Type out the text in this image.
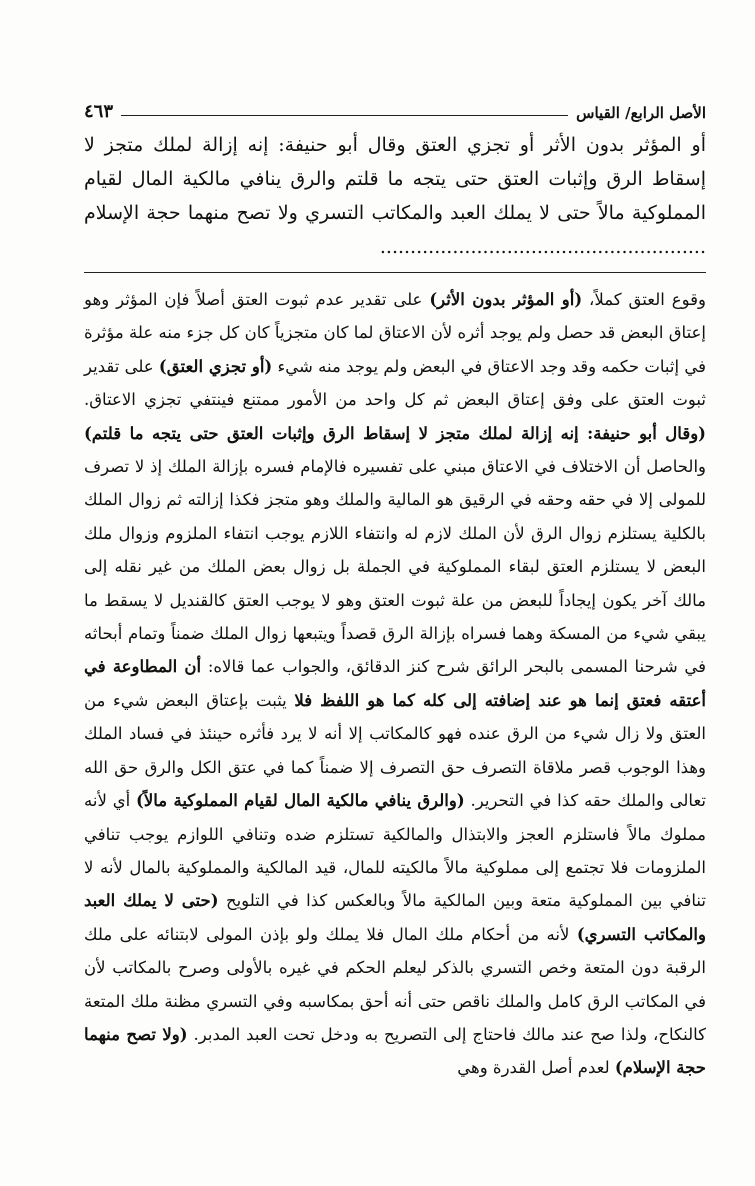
الأصل الرابع/ القياس
٤٦٣

أو المؤثر بدون الأثر أو تجزي العتق وقال أبو حنيفة: إنه إزالة لملك متجز لا إسقاط الرق وإثبات العتق حتى يتجه ما قلتم والرق ينافي مالكية المال لقيام المملوكية مالاً حتى لا يملك العبد والمكاتب التسري ولا تصح منهما حجة الإسلام ......................................................

وقوع العتق كملاً، (أو المؤثر بدون الأثر) على تقدير عدم ثبوت العتق أصلاً فإن المؤثر وهو إعتاق البعض قد حصل ولم يوجد أثره لأن الاعتاق لما كان متجزياً كان كل جزء منه علة مؤثرة في إثبات حكمه وقد وجد الاعتاق في البعض ولم يوجد منه شيء (أو تجزي العتق) على تقدير ثبوت العتق على وفق إعتاق البعض ثم كل واحد من الأمور ممتنع فينتفي تجزي الاعتاق. (وقال أبو حنيفة: إنه إزالة لملك متجز لا إسقاط الرق وإثبات العتق حتى يتجه ما قلتم) والحاصل أن الاختلاف في الاعتاق مبني على تفسيره فالإمام فسره بإزالة الملك إذ لا تصرف للمولى إلا في حقه وحقه في الرقيق هو المالية والملك وهو متجز فكذا إزالته ثم زوال الملك بالكلية يستلزم زوال الرق لأن الملك لازم له وانتفاء اللازم يوجب انتفاء الملزوم وزوال ملك البعض لا يستلزم العتق لبقاء المملوكية في الجملة بل زوال بعض الملك من غير نقله إلى مالك آخر يكون إيجاداً للبعض من علة ثبوت العتق وهو لا يوجب العتق كالقنديل لا يسقط ما يبقي شيء من المسكة وهما فسراه بإزالة الرق قصداً ويتبعها زوال الملك ضمناً وتمام أبحاثه في شرحنا المسمى بالبحر الرائق شرح كنز الدقائق، والجواب عما قالاه: أن المطاوعة في أعتقه فعتق إنما هو عند إضافته إلى كله كما هو اللفظ فلا يثبت بإعتاق البعض شيء من العتق ولا زال شيء من الرق عنده فهو كالمكاتب إلا أنه لا يرد فأثره حينئذ في فساد الملك وهذا الوجوب قصر ملاقاة التصرف حق التصرف إلا ضمناً كما في عتق الكل والرق حق الله تعالى والملك حقه كذا في التحرير. (والرق ينافي مالكية المال لقيام المملوكية مالاً) أي لأنه مملوك مالاً فاستلزم العجز والابتذال والمالكية تستلزم ضده وتنافي اللوازم يوجب تنافي الملزومات فلا تجتمع إلى مملوكية مالاً مالكيته للمال، قيد المالكية والمملوكية بالمال لأنه لا تنافي بين المملوكية متعة وبين المالكية مالاً وبالعكس كذا في التلويح (حتى لا يملك العبد والمكاتب التسري) لأنه من أحكام ملك المال فلا يملك ولو بإذن المولى لابتنائه على ملك الرقبة دون المتعة وخص التسري بالذكر ليعلم الحكم في غيره بالأولى وصرح بالمكاتب لأن في المكاتب الرق كامل والملك ناقص حتى أنه أحق بمكاسبه وفي التسري مظنة ملك المتعة كالنكاح، ولذا صح عند مالك فاحتاج إلى التصريح به ودخل تحت العبد المدبر. (ولا تصح منهما حجة الإسلام) لعدم أصل القدرة وهي
